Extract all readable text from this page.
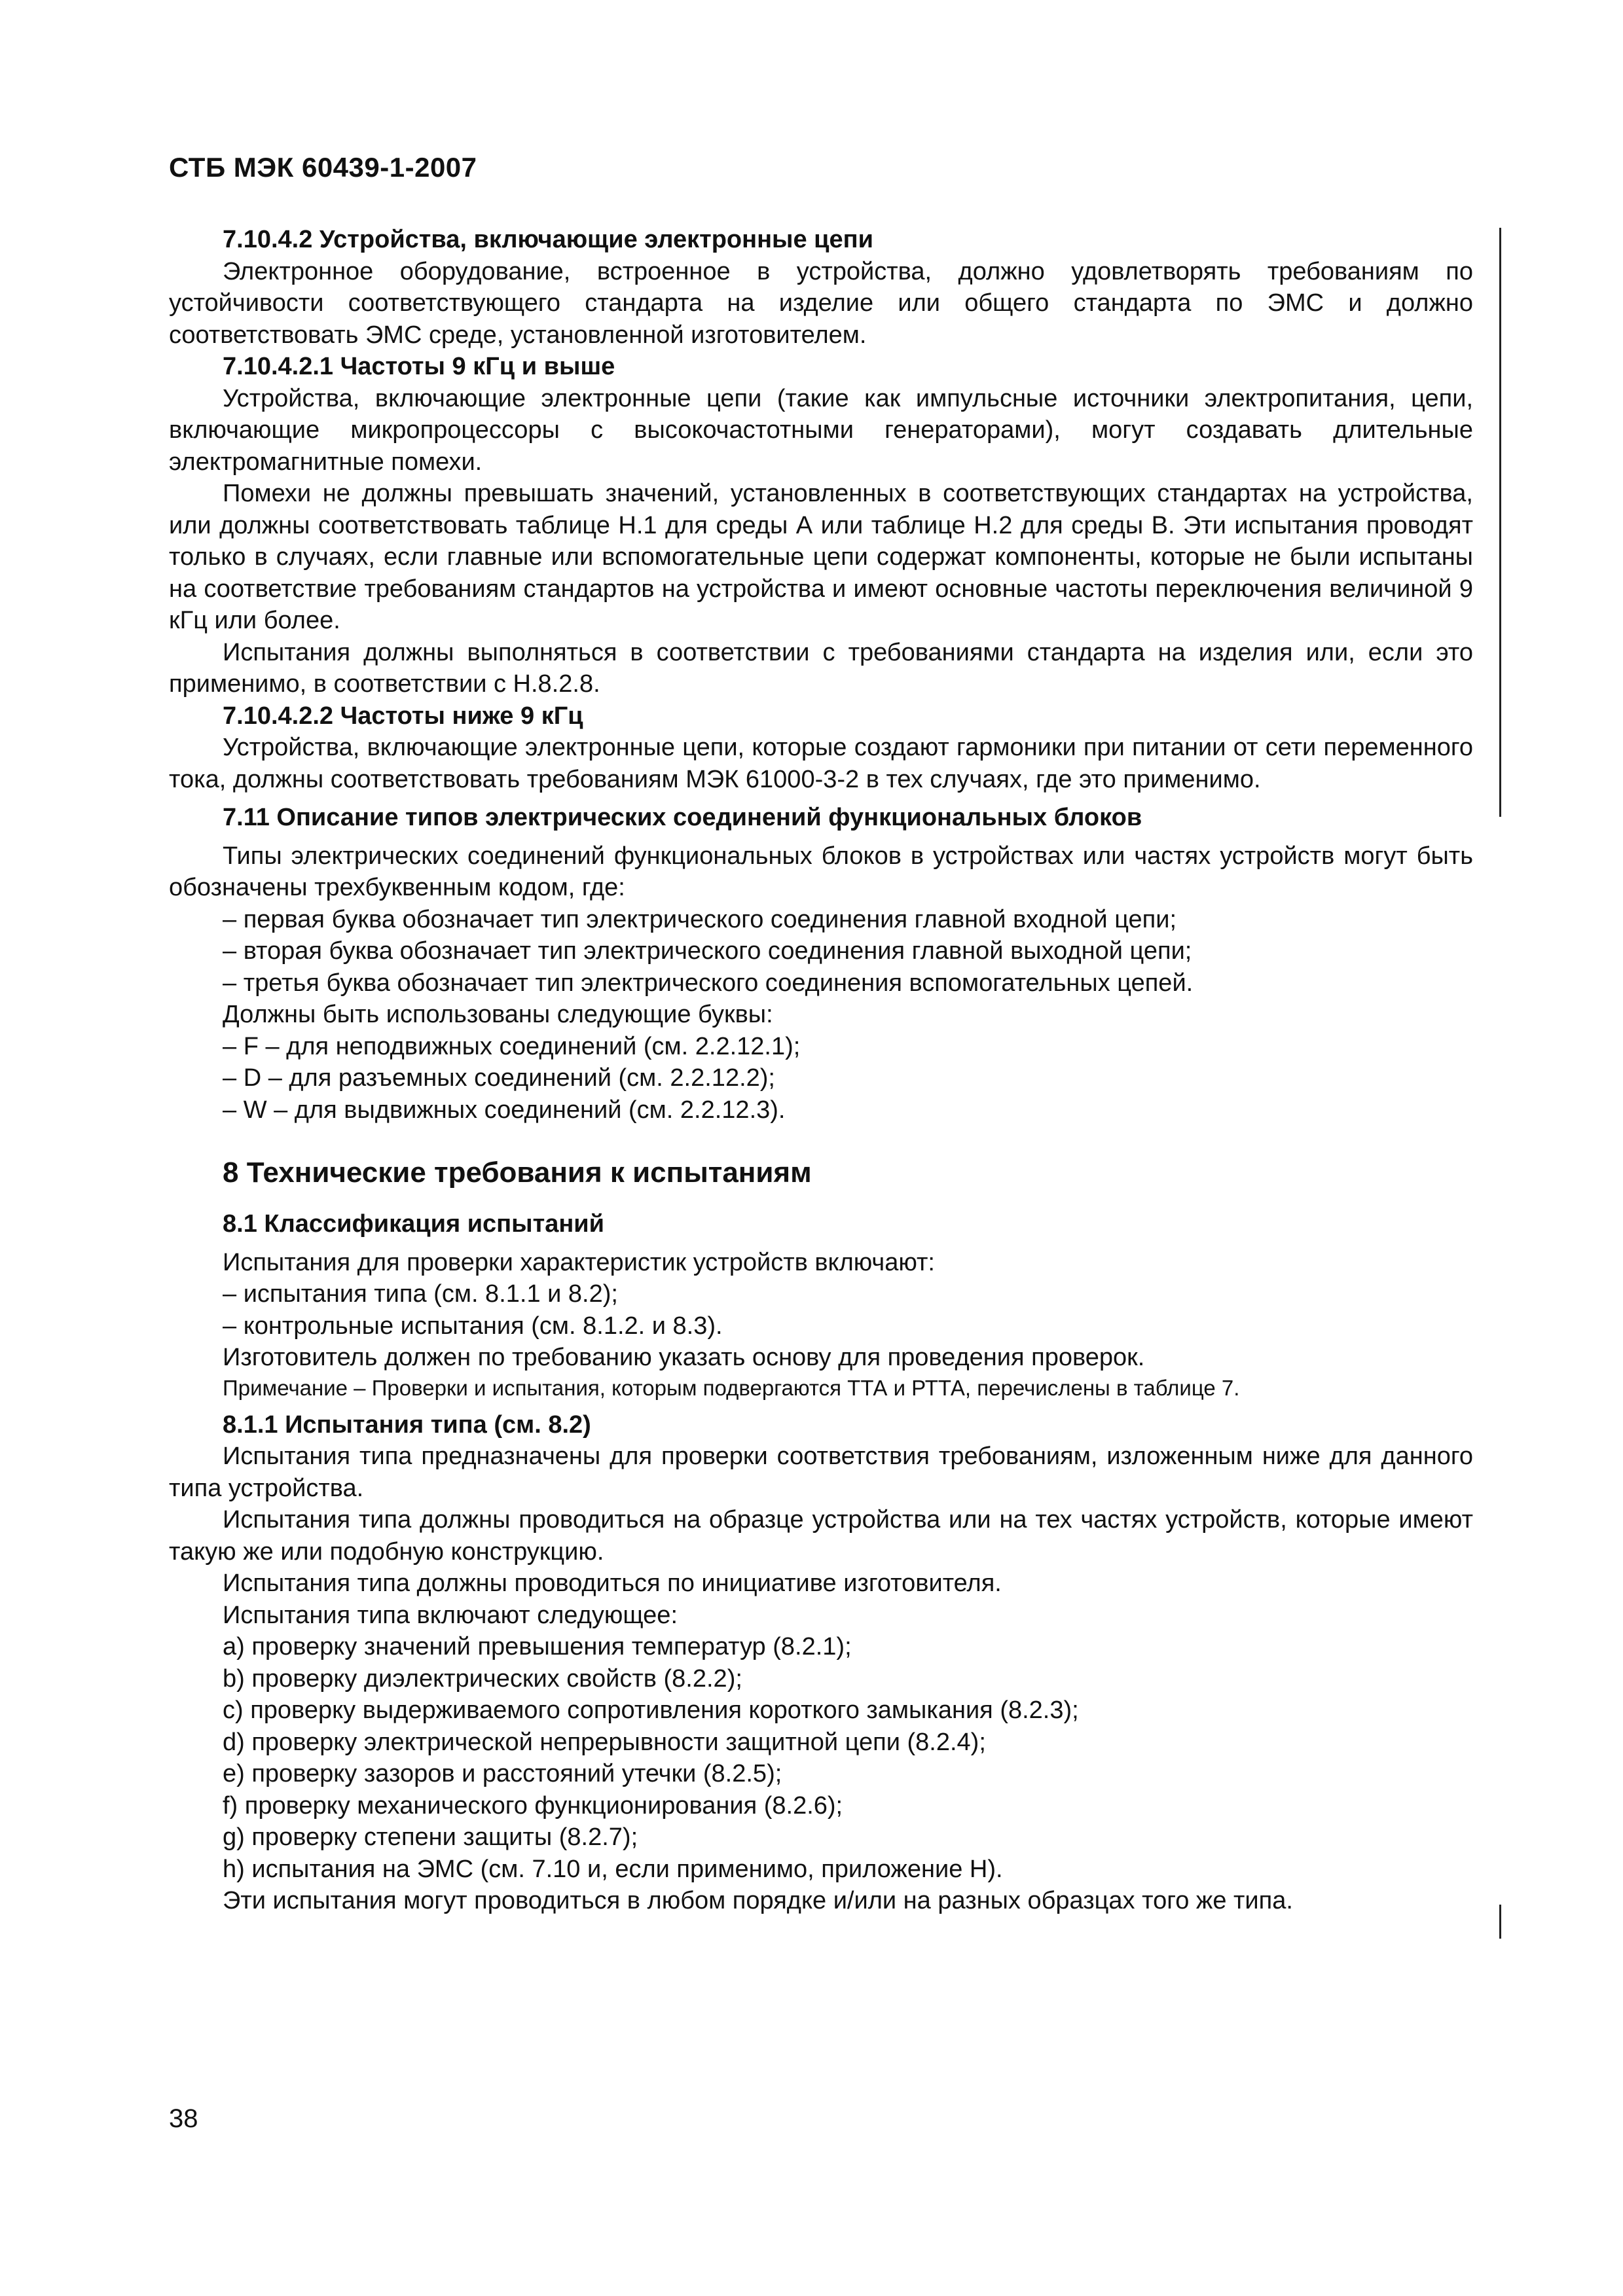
СТБ МЭК 60439-1-2007

7.10.4.2 Устройства, включающие электронные цепи

Электронное оборудование, встроенное в устройства, должно удовлетворять требованиям по устойчивости соответствующего стандарта на изделие или общего стандарта по ЭМС и должно соответствовать ЭМС среде, установленной изготовителем.

7.10.4.2.1 Частоты 9 кГц и выше

Устройства, включающие электронные цепи (такие как импульсные источники электропитания, цепи, включающие микропроцессоры с высокочастотными генераторами), могут создавать длительные электромагнитные помехи.

Помехи не должны превышать значений, установленных в соответствующих стандартах на устройства, или должны соответствовать таблице H.1 для среды А или таблице H.2 для среды В. Эти испытания проводят только в случаях, если главные или вспомогательные цепи содержат компоненты, которые не были испытаны на соответствие требованиям стандартов на устройства и имеют основные частоты переключения величиной 9 кГц или более.

Испытания должны выполняться в соответствии с требованиями стандарта на изделия или, если это применимо, в соответствии с H.8.2.8.

7.10.4.2.2 Частоты ниже 9 кГц

Устройства, включающие электронные цепи, которые создают гармоники при питании от сети переменного тока, должны соответствовать требованиям МЭК 61000-3-2 в тех случаях, где это применимо.

7.11 Описание типов электрических соединений функциональных блоков

Типы электрических соединений функциональных блоков в устройствах или частях устройств могут быть обозначены трехбуквенным кодом, где:

– первая буква обозначает тип электрического соединения главной входной цепи;

– вторая буква обозначает тип электрического соединения главной выходной цепи;

– третья буква обозначает тип электрического соединения вспомогательных цепей.

Должны быть использованы следующие буквы:

– F – для неподвижных соединений (см. 2.2.12.1);

– D – для разъемных соединений (см. 2.2.12.2);

– W – для выдвижных соединений (см. 2.2.12.3).

8 Технические требования к испытаниям

8.1 Классификация испытаний

Испытания для проверки характеристик устройств включают:

– испытания типа (см. 8.1.1 и 8.2);

– контрольные испытания (см. 8.1.2. и 8.3).

Изготовитель должен по требованию указать основу для проведения проверок.

Примечание – Проверки и испытания, которым подвергаются ТТА и РТТА, перечислены в таблице 7.

8.1.1 Испытания типа (см. 8.2)

Испытания типа предназначены для проверки соответствия требованиям, изложенным ниже для данного типа устройства.

Испытания типа должны проводиться на образце устройства или на тех частях устройств, которые имеют такую же или подобную конструкцию.

Испытания типа должны проводиться по инициативе изготовителя.

Испытания типа включают следующее:

a) проверку значений превышения температур (8.2.1);

b) проверку диэлектрических свойств (8.2.2);

c) проверку выдерживаемого сопротивления короткого замыкания (8.2.3);

d) проверку электрической непрерывности защитной цепи (8.2.4);

e) проверку зазоров и расстояний утечки (8.2.5);

f) проверку механического функционирования (8.2.6);

g) проверку степени защиты (8.2.7);

h) испытания на ЭМС (см. 7.10 и, если применимо, приложение H).

Эти испытания могут проводиться в любом порядке и/или на разных образцах того же типа.

38
